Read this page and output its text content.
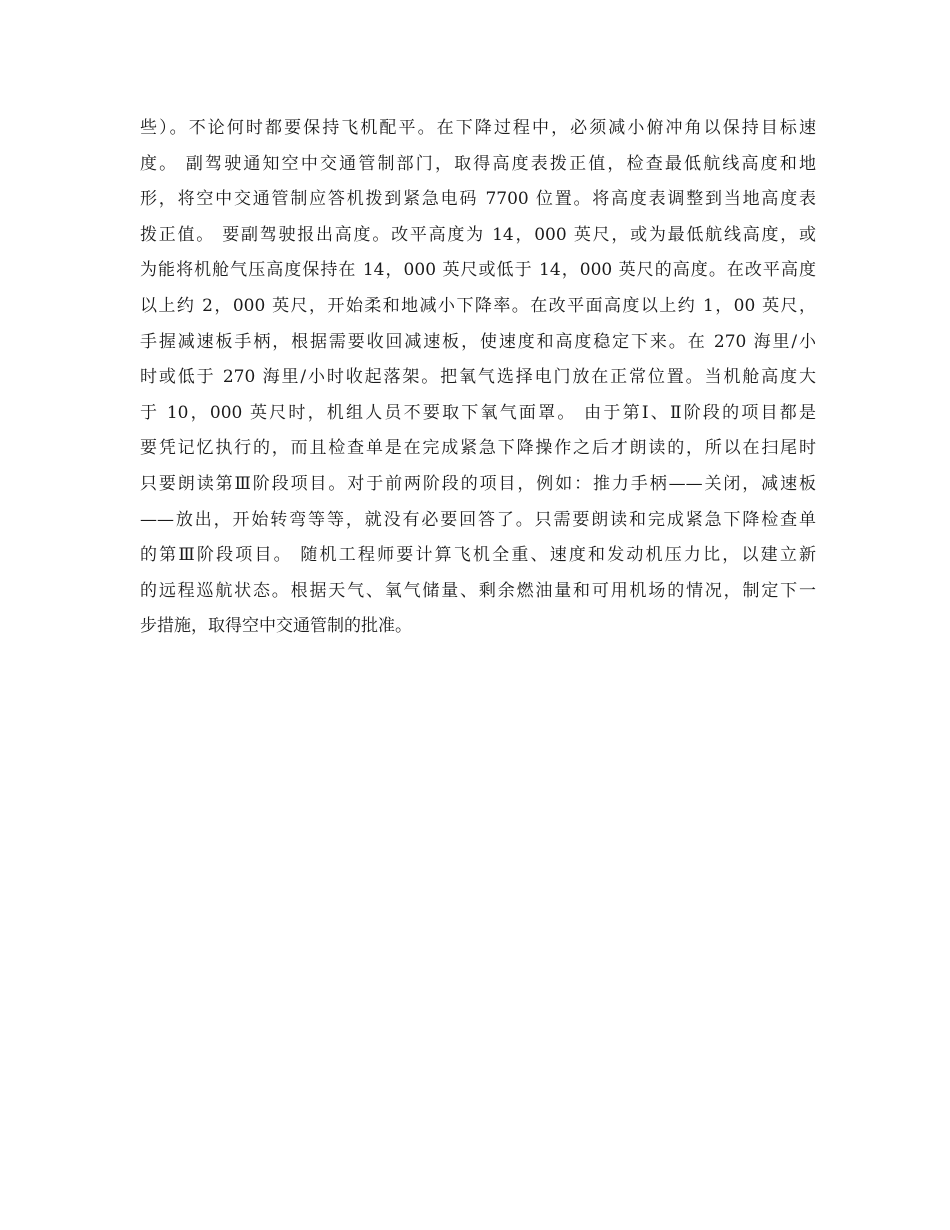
些）。不论何时都要保持飞机配平。在下降过程中，必须减小俯冲角以保持目标速
度。 副驾驶通知空中交通管制部门，取得高度表拨正值，检查最低航线高度和地
形，将空中交通管制应答机拨到紧急电码 7700 位置。将高度表调整到当地高度表
拨正值。 要副驾驶报出高度。改平高度为 14，000 英尺，或为最低航线高度，或
为能将机舱气压高度保持在 14，000 英尺或低于 14，000 英尺的高度。在改平高度
以上约 2，000 英尺，开始柔和地减小下降率。在改平面高度以上约 1，00 英尺，
手握减速板手柄，根据需要收回减速板，使速度和高度稳定下来。在 270 海里/小
时或低于 270 海里/小时收起落架。把氧气选择电门放在正常位置。当机舱高度大
于 10，000 英尺时，机组人员不要取下氧气面罩。 由于第Ⅰ、Ⅱ阶段的项目都是
要凭记忆执行的，而且检查单是在完成紧急下降操作之后才朗读的，所以在扫尾时
只要朗读第Ⅲ阶段项目。对于前两阶段的项目，例如：推力手柄——关闭，减速板
——放出，开始转弯等等，就没有必要回答了。只需要朗读和完成紧急下降检查单
的第Ⅲ阶段项目。 随机工程师要计算飞机全重、速度和发动机压力比，以建立新
的远程巡航状态。根据天气、氧气储量、剩余燃油量和可用机场的情况，制定下一
步措施，取得空中交通管制的批准。
